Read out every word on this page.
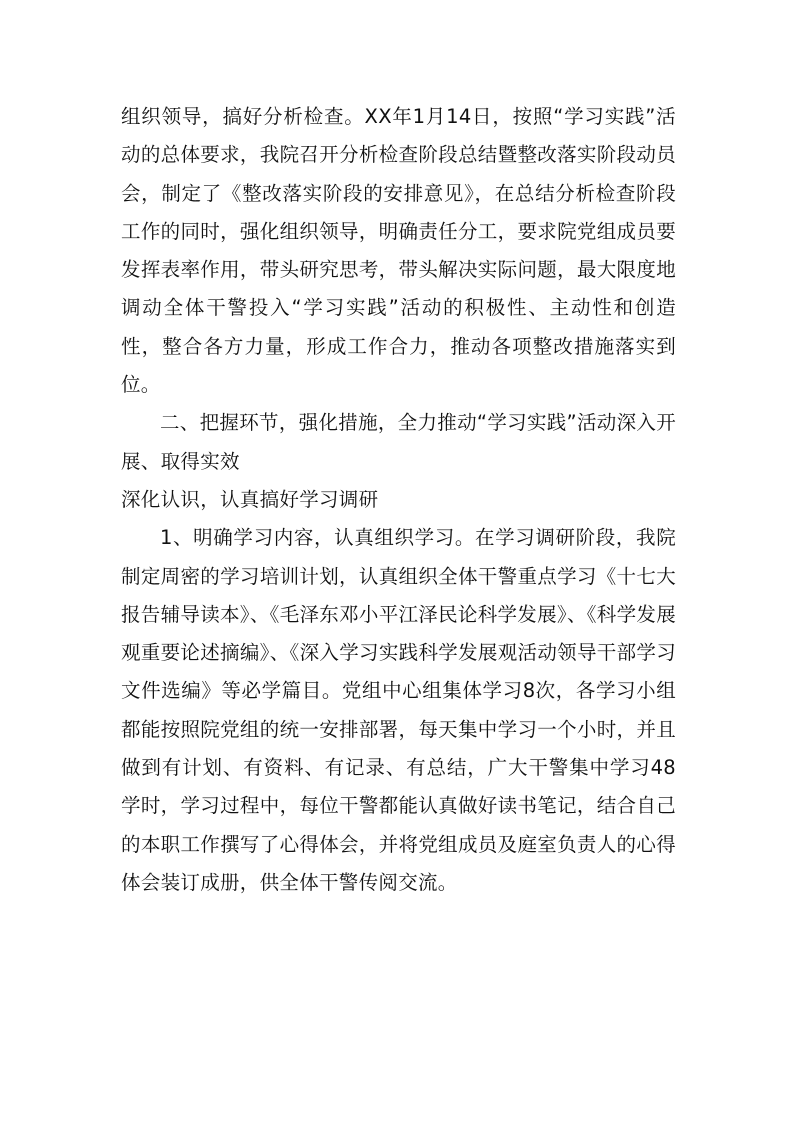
组织领导，搞好分析检查。XX年1月14日，按照“学习实践”活动的总体要求，我院召开分析检查阶段总结暨整改落实阶段动员会，制定了《整改落实阶段的安排意见》，在总结分析检查阶段工作的同时，强化组织领导，明确责任分工，要求院党组成员要发挥表率作用，带头研究思考，带头解决实际问题，最大限度地调动全体干警投入“学习实践”活动的积极性、主动性和创造性，整合各方力量，形成工作合力，推动各项整改措施落实到位。

二、把握环节，强化措施，全力推动“学习实践”活动深入开展、取得实效

深化认识，认真搞好学习调研

1、明确学习内容，认真组织学习。在学习调研阶段，我院制定周密的学习培训计划，认真组织全体干警重点学习《十七大报告辅导读本》、《毛泽东邓小平江泽民论科学发展》、《科学发展观重要论述摘编》、《深入学习实践科学发展观活动领导干部学习文件选编》等必学篇目。党组中心组集体学习8次，各学习小组都能按照院党组的统一安排部署，每天集中学习一个小时，并且做到有计划、有资料、有记录、有总结，广大干警集中学习48学时，学习过程中，每位干警都能认真做好读书笔记，结合自己的本职工作撰写了心得体会，并将党组成员及庭室负责人的心得体会装订成册，供全体干警传阅交流。
